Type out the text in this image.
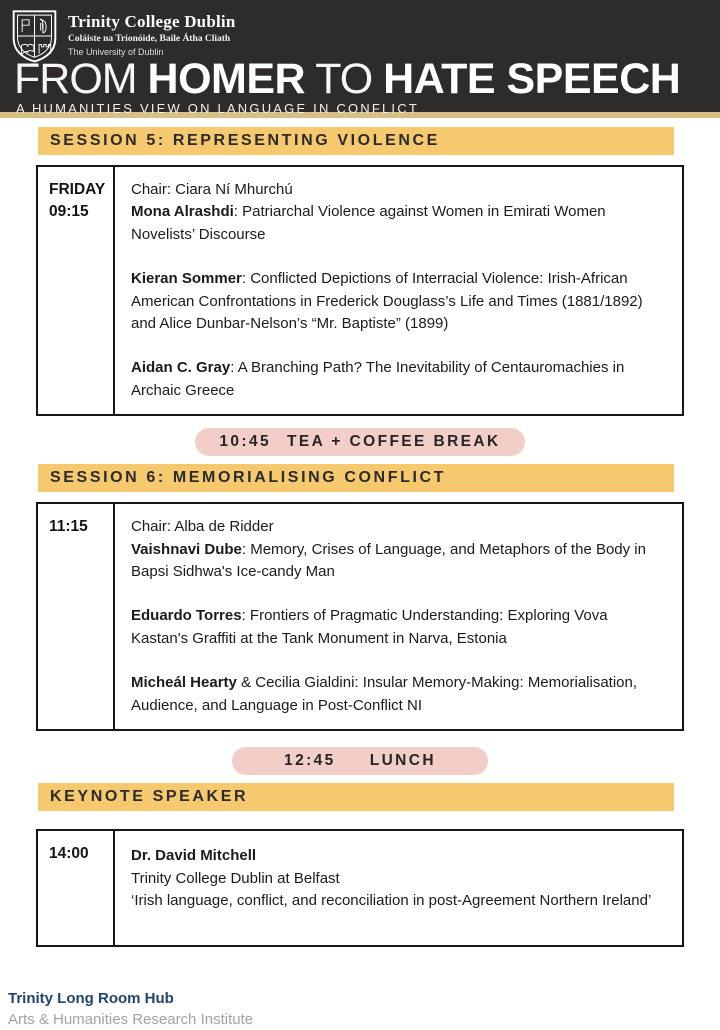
Trinity College Dublin
Coláiste na Tríonóide, Baile Átha Cliath
The University of Dublin
FROM HOMER TO HATE SPEECH
A HUMANITIES VIEW ON LANGUAGE IN CONFLICT
SESSION 5: REPRESENTING VIOLENCE
FRIDAY
09:15

Chair: Ciara Ní Mhurchú

Mona Alrashdi: Patriarchal Violence against Women in Emirati Women Novelists’ Discourse

Kieran Sommer: Conflicted Depictions of Interracial Violence: Irish-African American Confrontations in Frederick Douglass’s Life and Times (1881/1892) and Alice Dunbar-Nelson’s “Mr. Baptiste” (1899)

Aidan C. Gray: A Branching Path? The Inevitability of Centauromachies in Archaic Greece

10:45 TEA + COFFEE BREAK
SESSION 6: MEMORIALISING CONFLICT
11:15	Chair: Alba de Ridder

Vaishnavi Dube: Memory, Crises of Language, and Metaphors of the Body in Bapsi Sidhwa's Ice-candy Man

Eduardo Torres: Frontiers of Pragmatic Understanding: Exploring Vova Kastan's Graffiti at the Tank Monument in Narva, Estonia

Micheál Hearty & Cecilia Gialdini: Insular Memory-Making: Memorialisation, Audience, and Language in Post-Conflict NI

12:45 LUNCH
KEYNOTE SPEAKER
14:00	Dr. David Mitchell

Trinity College Dublin at Belfast

‘Irish language, conflict, and reconciliation in post-Agreement Northern Ireland’

Trinity Long Room Hub
Arts & Humanities Research Institute
